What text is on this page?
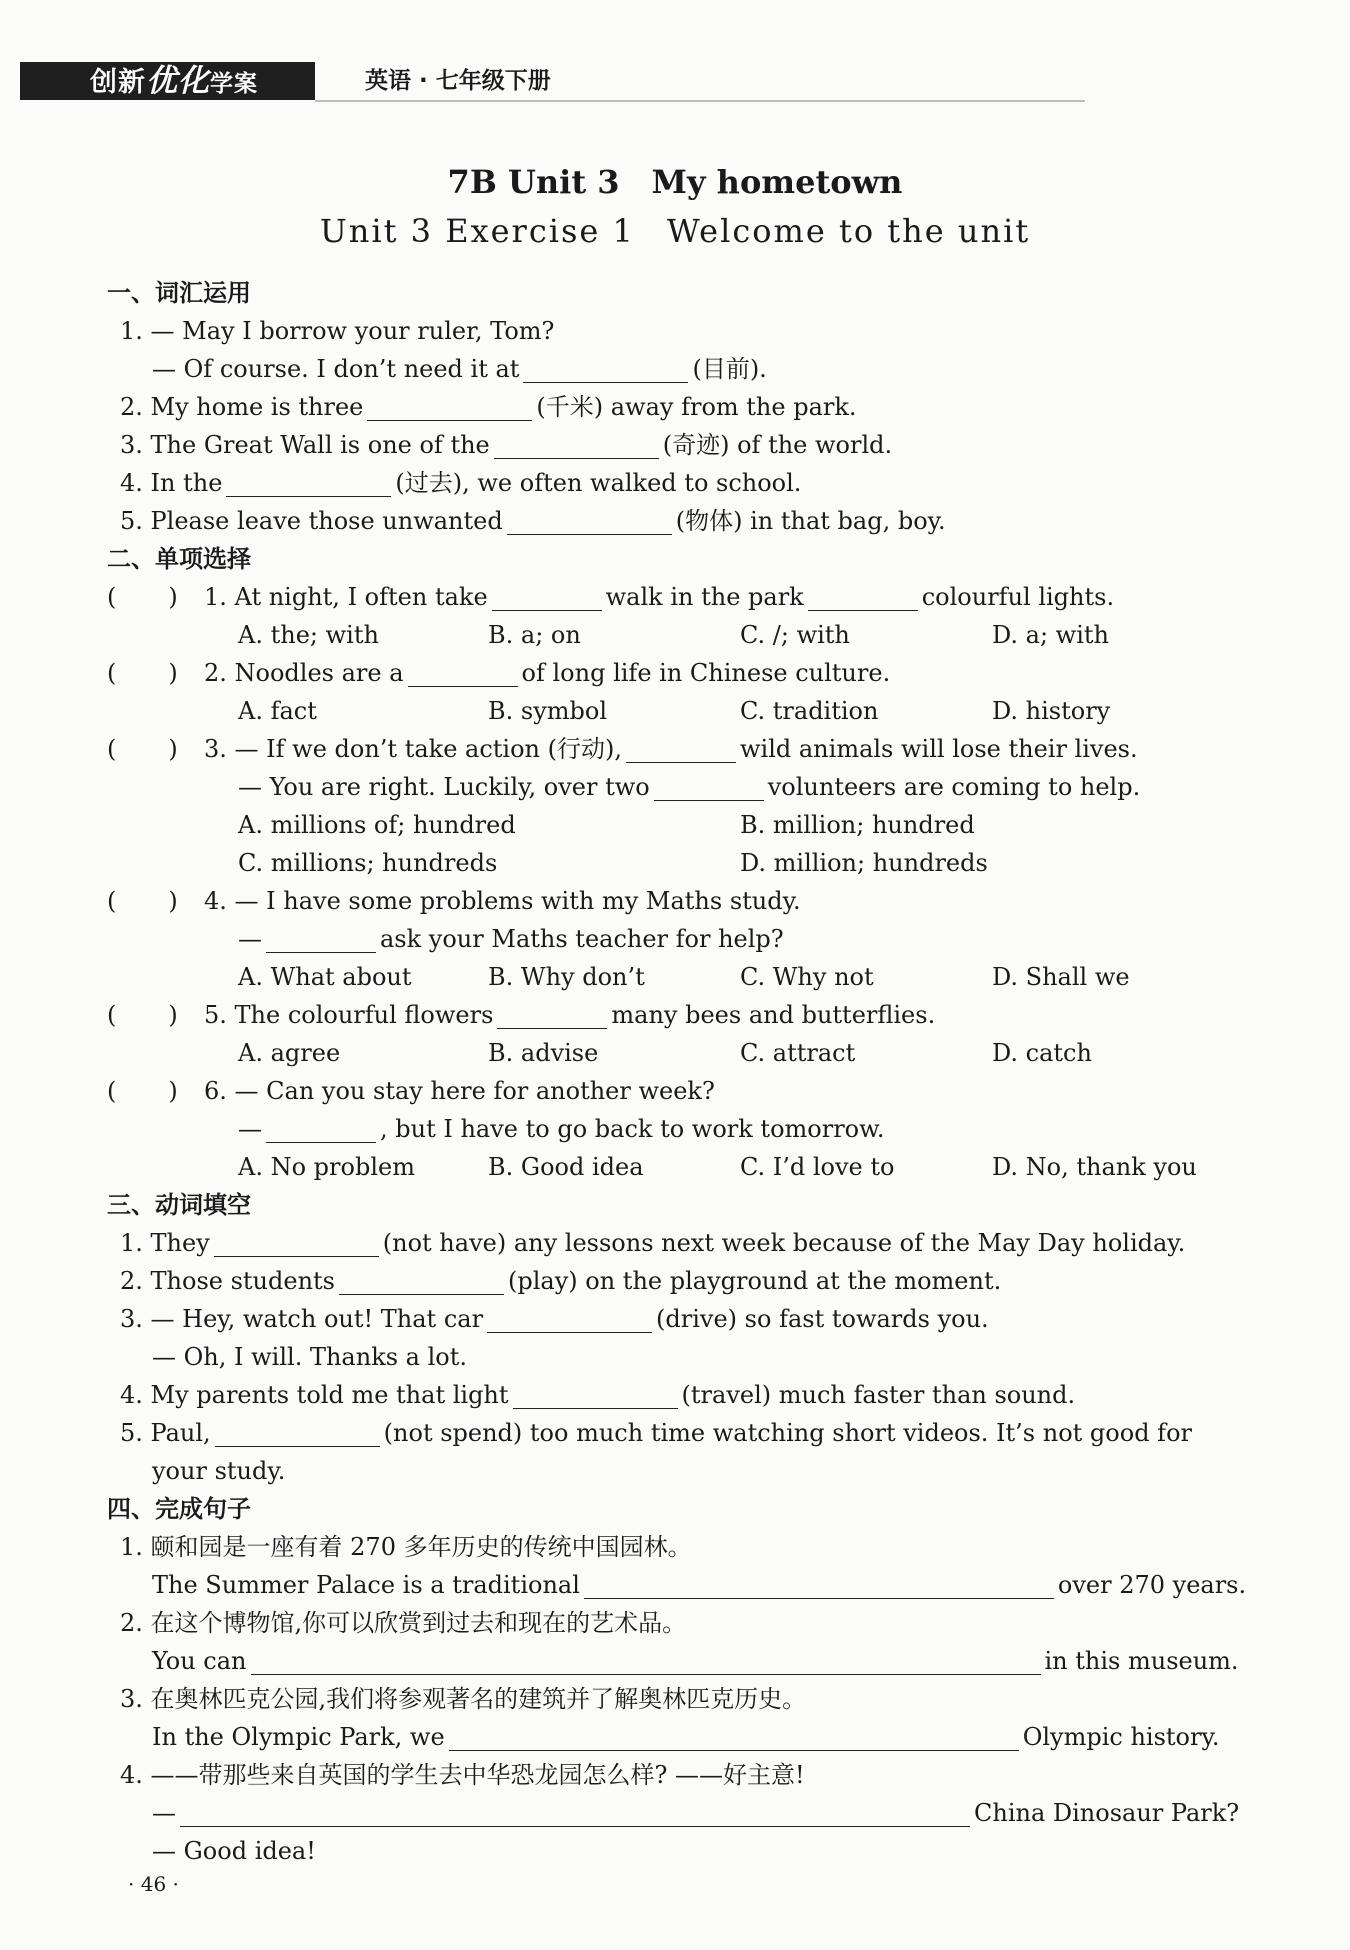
创新优化学案	英语 · 七年级下册
7B Unit 3 My hometown
Unit 3 Exercise 1 Welcome to the unit
一、词汇运用
1. — May I borrow your ruler, Tom?
— Of course. I don’t need it at	(目前).
2. My home is three	(千米) away from the park.
3. The Great Wall is one of the	(奇迹) of the world.
4. In the	(过去), we often walked to school.
5. Please leave those unwanted	(物体) in that bag, boy.
二、单项选择
( ) 1. At night, I often take	walk in the park	colourful lights.
A. the; with	B. a; on	C. /; with	D. a; with
( ) 2. Noodles are a	of long life in Chinese culture.
A. fact	B. symbol	C. tradition	D. history
( ) 3. — If we don’t take action (行动),	wild animals will lose their lives.
— You are right. Luckily, over two	volunteers are coming to help.
A. millions of; hundred	B. million; hundred
C. millions; hundreds	D. million; hundreds
( ) 4. — I have some problems with my Maths study.
—	ask your Maths teacher for help?
A. What about	B. Why don’t	C. Why not	D. Shall we
( ) 5. The colourful flowers	many bees and butterflies.
A. agree	B. advise	C. attract	D. catch
( ) 6. — Can you stay here for another week?
—	, but I have to go back to work tomorrow.
A. No problem	B. Good idea	C. I’d love to	D. No, thank you
三、动词填空
1. They	(not have) any lessons next week because of the May Day holiday.
2. Those students	(play) on the playground at the moment.
3. — Hey, watch out! That car	(drive) so fast towards you.
— Oh, I will. Thanks a lot.
4. My parents told me that light	(travel) much faster than sound.
5. Paul,	(not spend) too much time watching short videos. It’s not good for
your study.
四、完成句子
1. 颐和园是一座有着 270 多年历史的传统中国园林。
The Summer Palace is a traditional	over 270 years.
2. 在这个博物馆,你可以欣赏到过去和现在的艺术品。
You can	in this museum.
3. 在奥林匹克公园,我们将参观著名的建筑并了解奥林匹克历史。
In the Olympic Park, we	Olympic history.
4. ——带那些来自英国的学生去中华恐龙园怎么样? ——好主意!
—	China Dinosaur Park?
— Good idea!
· 46 ·
